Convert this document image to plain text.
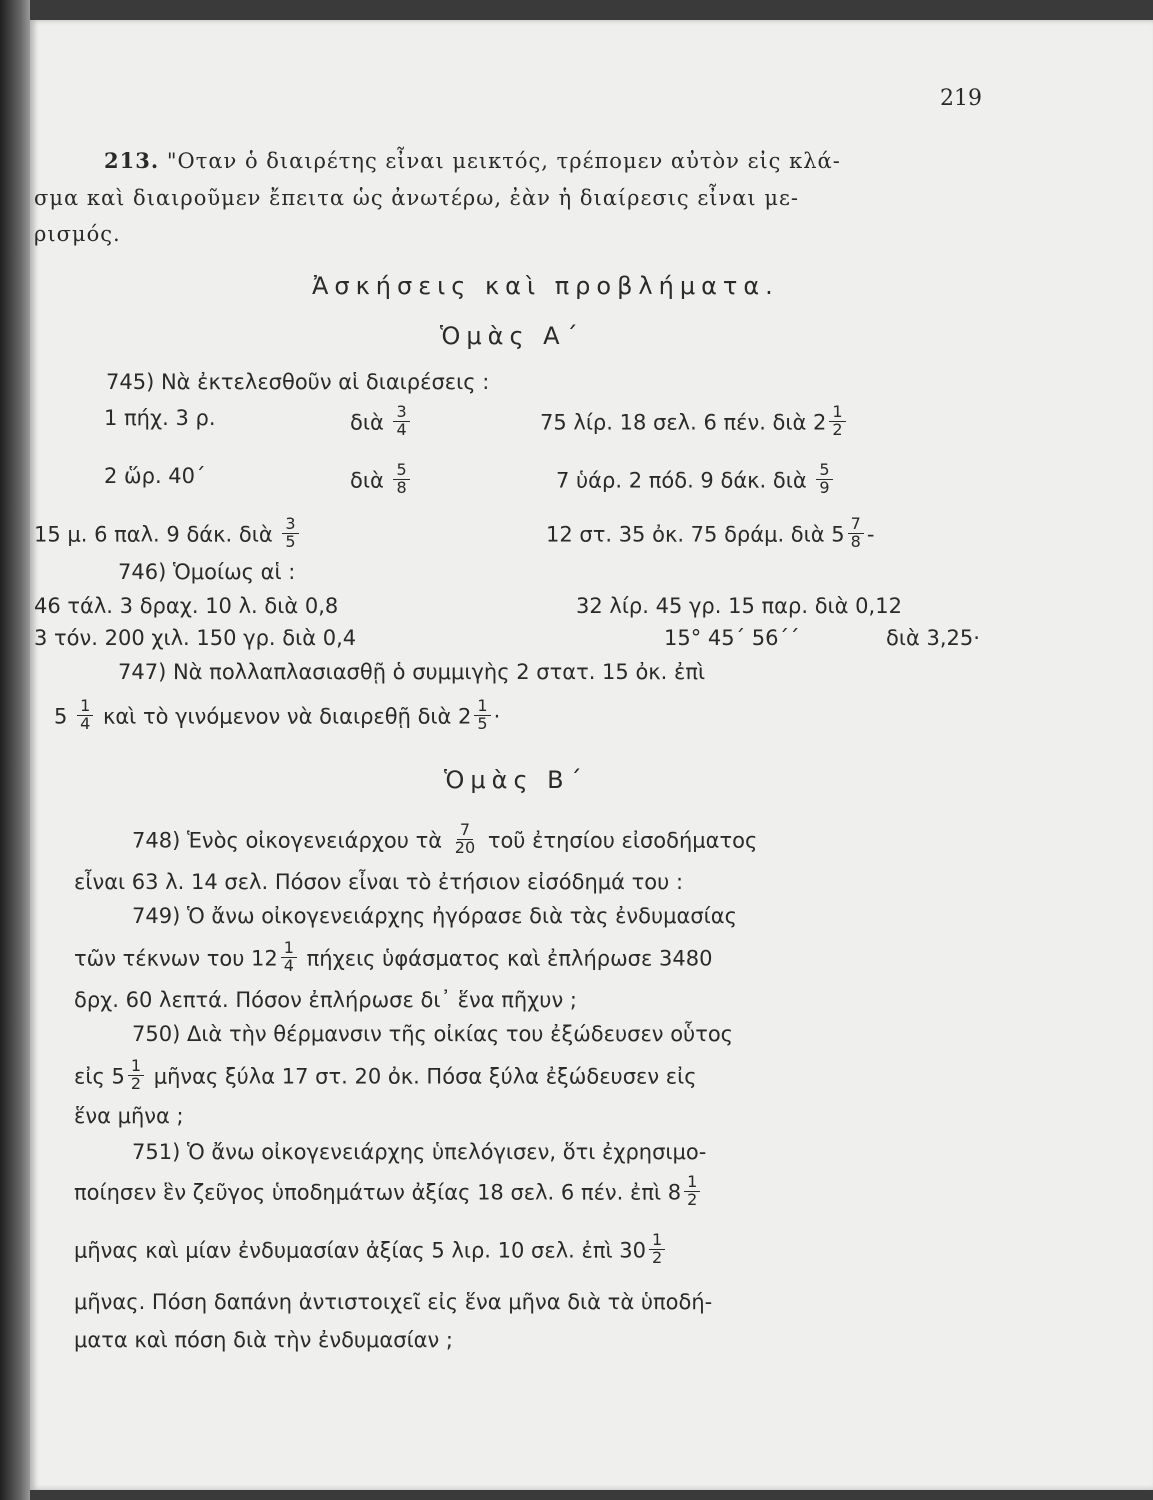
219
213. "Οταν ὁ διαιρέτης εἶναι μεικτός, τρέπομεν αὐτὸν εἰς κλά-
σμα καὶ διαιροῦμεν ἔπειτα ὡς ἀνωτέρω, ἐὰν ἡ διαίρεσις εἶναι με-
ρισμός.
Ἀσκήσεις καὶ προβλήματα.
Ὁμὰς Α΄
745) Νὰ ἐκτελεσθοῦν αἱ διαιρέσεις :
1 πήχ. 3 ρ.	διὰ $\frac{3}{4}$	75 λίρ. 18 σελ. 6 πέν. διὰ $2 \frac{1}{2}$
2 ὥρ. 40΄	διὰ $\frac{5}{8}$	7 ὑάρ. 2 πόδ. 9 δάκ. διὰ $\frac{5}{9}$
15 μ. 6 παλ. 9 δάκ. διὰ $\frac{3}{5}$	12 στ. 35 ὀκ. 75 δράμ. διὰ $5 \frac{7}{8}$ -
746) Ὁμοίως αἱ :
46 τάλ. 3 δραχ. 10 λ. διὰ 0,8	32 λίρ. 45 γρ. 15 παρ. διὰ 0,12
3 τόν. 200 χιλ. 150 γρ. διὰ 0,4	15° 45΄ 56΄΄	διὰ 3,25·
747) Νὰ πολλαπλασιασθῇ ὁ συμμιγὴς 2 στατ. 15 ὀκ. ἐπὶ
$5 \frac{1}{4}$ καὶ τὸ γινόμενον νὰ διαιρεθῇ διὰ $2 \frac{1}{5}$ ·
Ὁμὰς Β΄
748) Ἑνὸς οἰκογενειάρχου τὰ $\frac{7}{20}$ τοῦ ἐτησίου εἰσοδήματος
εἶναι 63 λ. 14 σελ. Πόσον εἶναι τὸ ἐτήσιον εἰσόδημά του :
749) Ὁ ἄνω οἰκογενειάρχης ἠγόρασε διὰ τὰς ἐνδυμασίας
τῶν τέκνων του $12 \frac{1}{4}$ πήχεις ὑφάσματος καὶ ἐπλήρωσε 3480
δρχ. 60 λεπτά. Πόσον ἐπλήρωσε δι᾿ ἕνα πῆχυν ;
750) Διὰ τὴν θέρμανσιν τῆς οἰκίας του ἐξώδευσεν οὗτος
εἰς $5 \frac{1}{2}$ μῆνας ξύλα 17 στ. 20 ὀκ. Πόσα ξύλα ἐξώδευσεν εἰς
ἕνα μῆνα ;
751) Ὁ ἄνω οἰκογενειάρχης ὑπελόγισεν, ὅτι ἐχρησιμο-
ποίησεν ἓν ζεῦγος ὑποδημάτων ἀξίας 18 σελ. 6 πέν. ἐπὶ $8 \frac{1}{2}$
μῆνας καὶ μίαν ἐνδυμασίαν ἀξίας 5 λιρ. 10 σελ. ἐπὶ $30 \frac{1}{2}$
μῆνας. Πόση δαπάνη ἀντιστοιχεῖ εἰς ἕνα μῆνα διὰ τὰ ὑποδή-
ματα καὶ πόση διὰ τὴν ἐνδυμασίαν ;
